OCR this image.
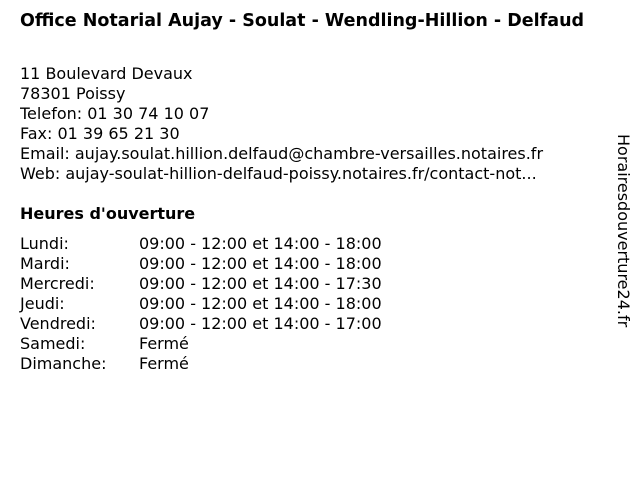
Office Notarial Aujay - Soulat - Wendling-Hillion - Delfaud
11 Boulevard Devaux
78301 Poissy
Telefon: 01 30 74 10 07
Fax: 01 39 65 21 30
Email: aujay.soulat.hillion.delfaud@chambre-versailles.notaires.fr
Web: aujay-soulat-hillion-delfaud-poissy.notaires.fr/contact-not...
Heures d'ouverture
Lundi:	09:00 - 12:00 et 14:00 - 18:00
Mardi:	09:00 - 12:00 et 14:00 - 18:00
Mercredi:	09:00 - 12:00 et 14:00 - 17:30
Jeudi:	09:00 - 12:00 et 14:00 - 18:00
Vendredi:	09:00 - 12:00 et 14:00 - 17:00
Samedi:	Fermé
Dimanche: Fermé
Horairesdouverture24.fr
